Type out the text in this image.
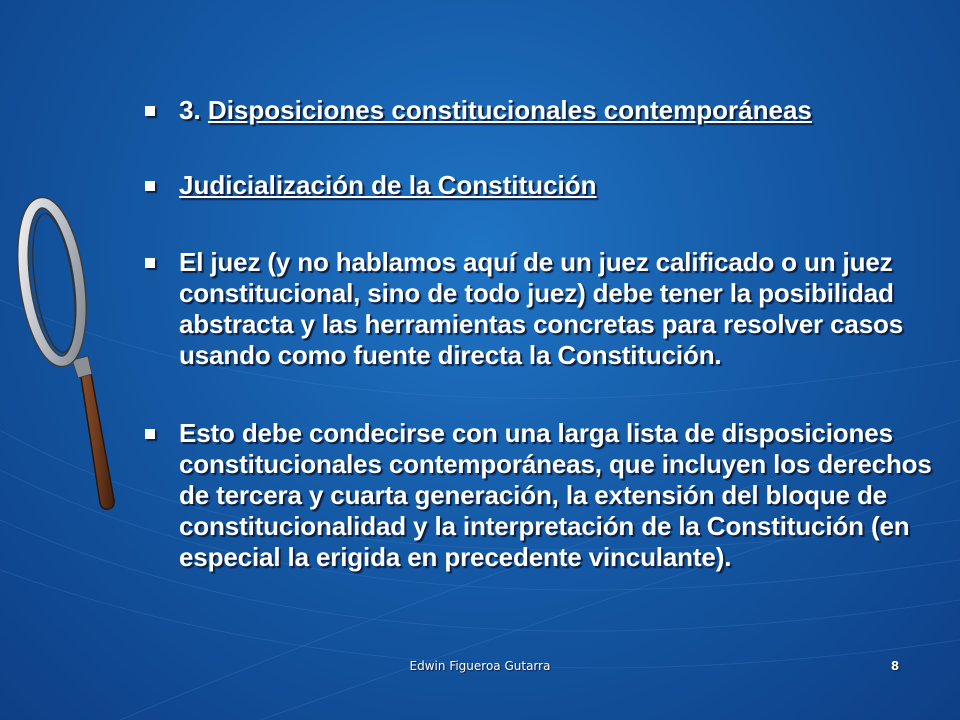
3. Disposiciones constitucionales contemporáneas

Judicialización de la Constitución

El juez (y no hablamos aquí de un juez calificado o un juez constitucional, sino de todo juez) debe tener la posibilidad abstracta y las herramientas concretas para resolver casos usando como fuente directa la Constitución.

Esto debe condecirse con una larga lista de disposiciones constitucionales contemporáneas, que incluyen los derechos de tercera y cuarta generación, la extensión del bloque de constitucionalidad y la interpretación de la Constitución (en especial la erigida en precedente vinculante).

Edwin Figueroa Gutarra	8
